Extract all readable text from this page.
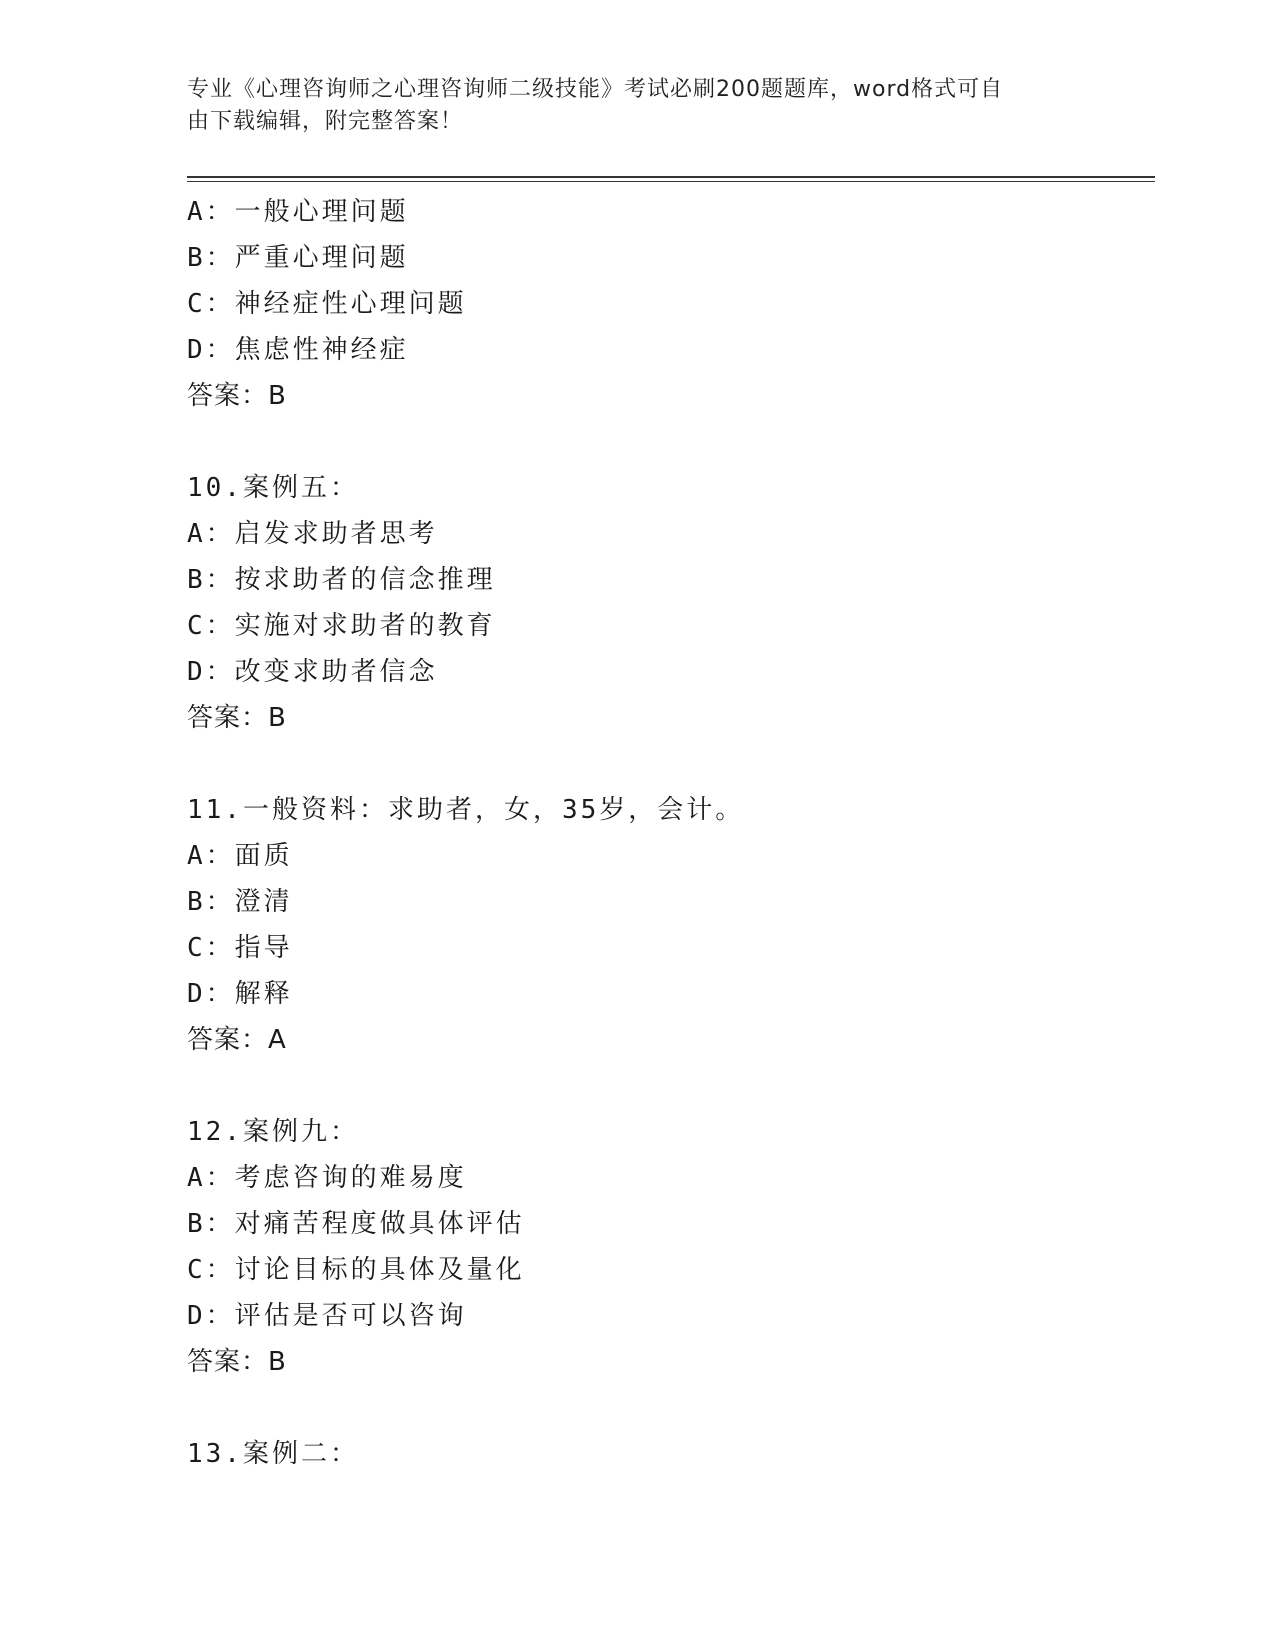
专业《心理咨询师之心理咨询师二级技能》考试必刷200题题库，word格式可自
由下载编辑，附完整答案！
A：一般心理问题
B：严重心理问题
C：神经症性心理问题
D：焦虑性神经症
答案：B
10.案例五：
A：启发求助者思考
B：按求助者的信念推理
C：实施对求助者的教育
D：改变求助者信念
答案：B
11.一般资料：求助者，女，35岁，会计。
A：面质
B：澄清
C：指导
D：解释
答案：A
12.案例九：
A：考虑咨询的难易度
B：对痛苦程度做具体评估
C：讨论目标的具体及量化
D：评估是否可以咨询
答案：B
13.案例二：
